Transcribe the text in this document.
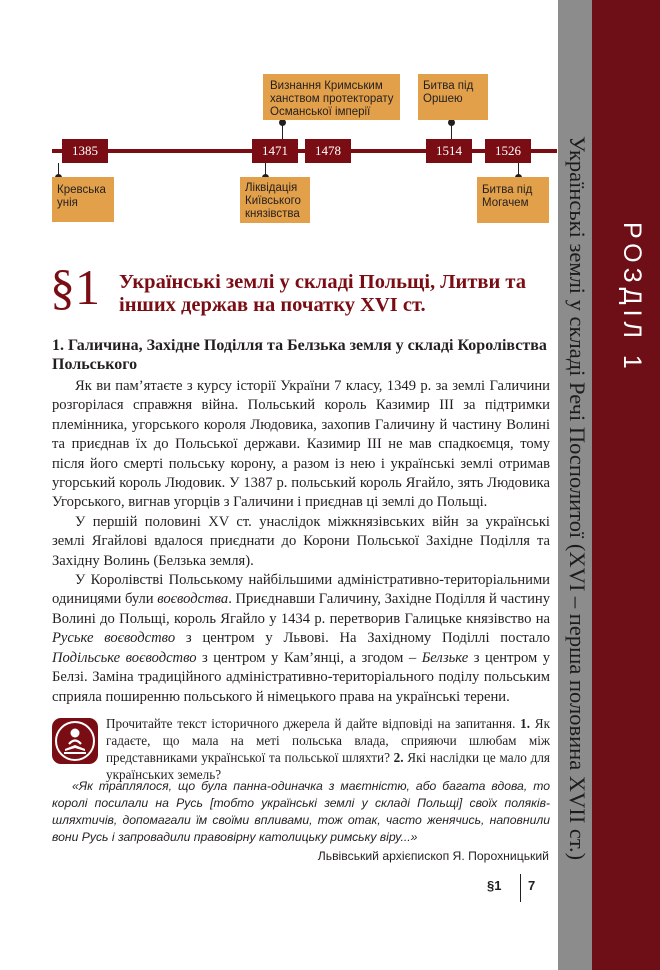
Українські землі у складі Речі Посполитої (XVI – перша половина XVII ст.) РОЗДІЛ 1
1385	1471	1478	1514	1526
Кревська унія
Ліквідація Київського князівства
Визнання Кримським ханством протекторату Османської імперії
Битва під Оршею
Битва під Могачем
§1 Українські землі у складі Польщі, Литви та інших держав на початку XVI ст.
1. Галичина, Західне Поділля та Белзька земля у складі Королівства Польського

Як ви пам’ятаєте з курсу історії України 7 класу, 1349 р. за землі Галичини розгорілася справжня війна. Польський король Казимир ІІІ за підтримки племінника, угорського короля Людовика, захопив Галичину й частину Волині та приєднав їх до Польської держави. Казимир ІІІ не мав спадкоємця, тому після його смерті польську корону, а разом із нею і українські землі отримав угорський король Людовик. У 1387 р. польський король Ягайло, зять Людовика Угорського, вигнав угорців з Галичини і приєднав ці землі до Польщі.

У першій половині XV ст. унаслідок міжкнязівських війн за українські землі Ягайлові вдалося приєднати до Корони Польської Західне Поділля та Західну Волинь (Белзька земля).

У Королівстві Польському найбільшими адміністративно-територіальними одиницями були воєводства. Приєднавши Галичину, Західне Поділля й частину Волині до Польщі, король Ягайло у 1434 р. перетворив Галицьке князівство на Руське воєводство з центром у Львові. На Західному Поділлі постало Подільське воєводство з центром у Кам’янці, а згодом – Белзьке з центром у Белзі. Заміна традиційного адміністративно-територіального поділу польським сприяла поширенню польського й німецького права на українські терени.

Прочитайте текст історичного джерела й дайте відповіді на запитання. 1. Як гадаєте, що мала на меті польська влада, сприяючи шлюбам між представниками української та польської шляхти? 2. Які наслідки це мало для українських земель?
«Як траплялося, що була панна-одиначка з маєтністю, або багата вдова, то королі посилали на Русь [тобто українські землі у складі Польщі] своїх поляків-шляхтичів, допомагали їм своїми впливами, тож отак, часто женячись, наповнили вони Русь і запровадили правовірну католицьку римську віру...»
Львівський архієпископ Я. Порохницький
§1 7
